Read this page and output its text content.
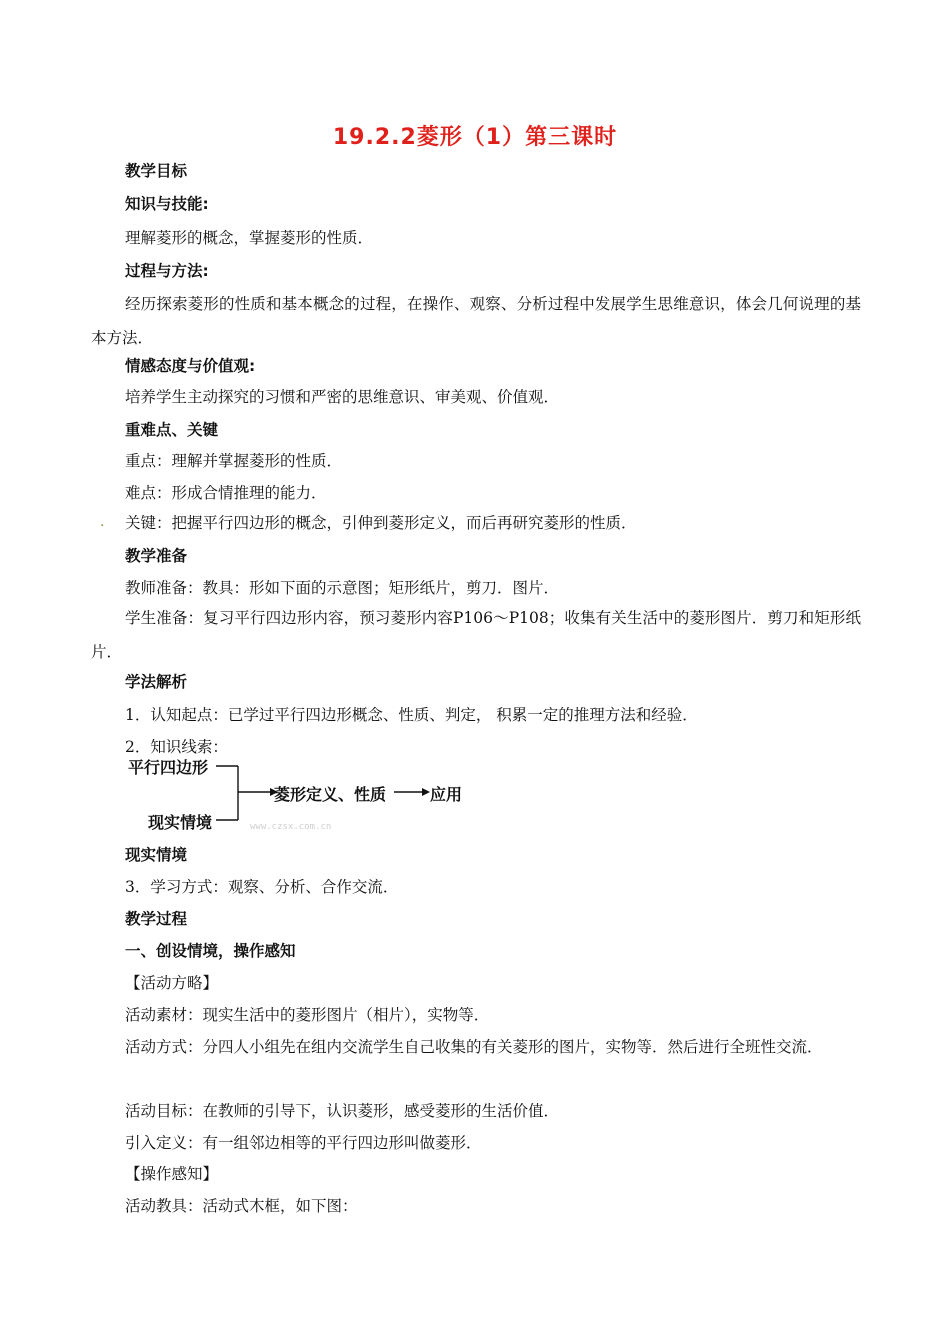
19.2.2菱形（1）第三课时
教学目标
知识与技能:
理解菱形的概念，掌握菱形的性质．
过程与方法:
经历探索菱形的性质和基本概念的过程，在操作、观察、分析过程中发展学生思维意识，体会几何说理的基本方法．
情感态度与价值观:
培养学生主动探究的习惯和严密的思维意识、审美观、价值观．
重难点、关键
重点：理解并掌握菱形的性质．
难点：形成合情推理的能力．
. 关键：把握平行四边形的概念，引伸到菱形定义，而后再研究菱形的性质．
教学准备
教师准备：教具：形如下面的示意图；矩形纸片，剪刀．图片．
学生准备：复习平行四边形内容，预习菱形内容P106～P108；收集有关生活中的菱形图片．剪刀和矩形纸片．
学法解析
1．认知起点：已学过平行四边形概念、性质、判定， 积累一定的推理方法和经验．
2．知识线索：
平行四边形
现实情境
菱形定义、性质	应用
www.czsx.com.cn
现实情境
3．学习方式：观察、分析、合作交流．
教学过程
一、创设情境，操作感知
【活动方略】
活动素材：现实生活中的菱形图片（相片），实物等．
活动方式：分四人小组先在组内交流学生自己收集的有关菱形的图片，实物等．然后进行全班性交流．
活动目标：在教师的引导下，认识菱形，感受菱形的生活价值．
引入定义：有一组邻边相等的平行四边形叫做菱形．
【操作感知】
活动教具：活动式木框，如下图：
